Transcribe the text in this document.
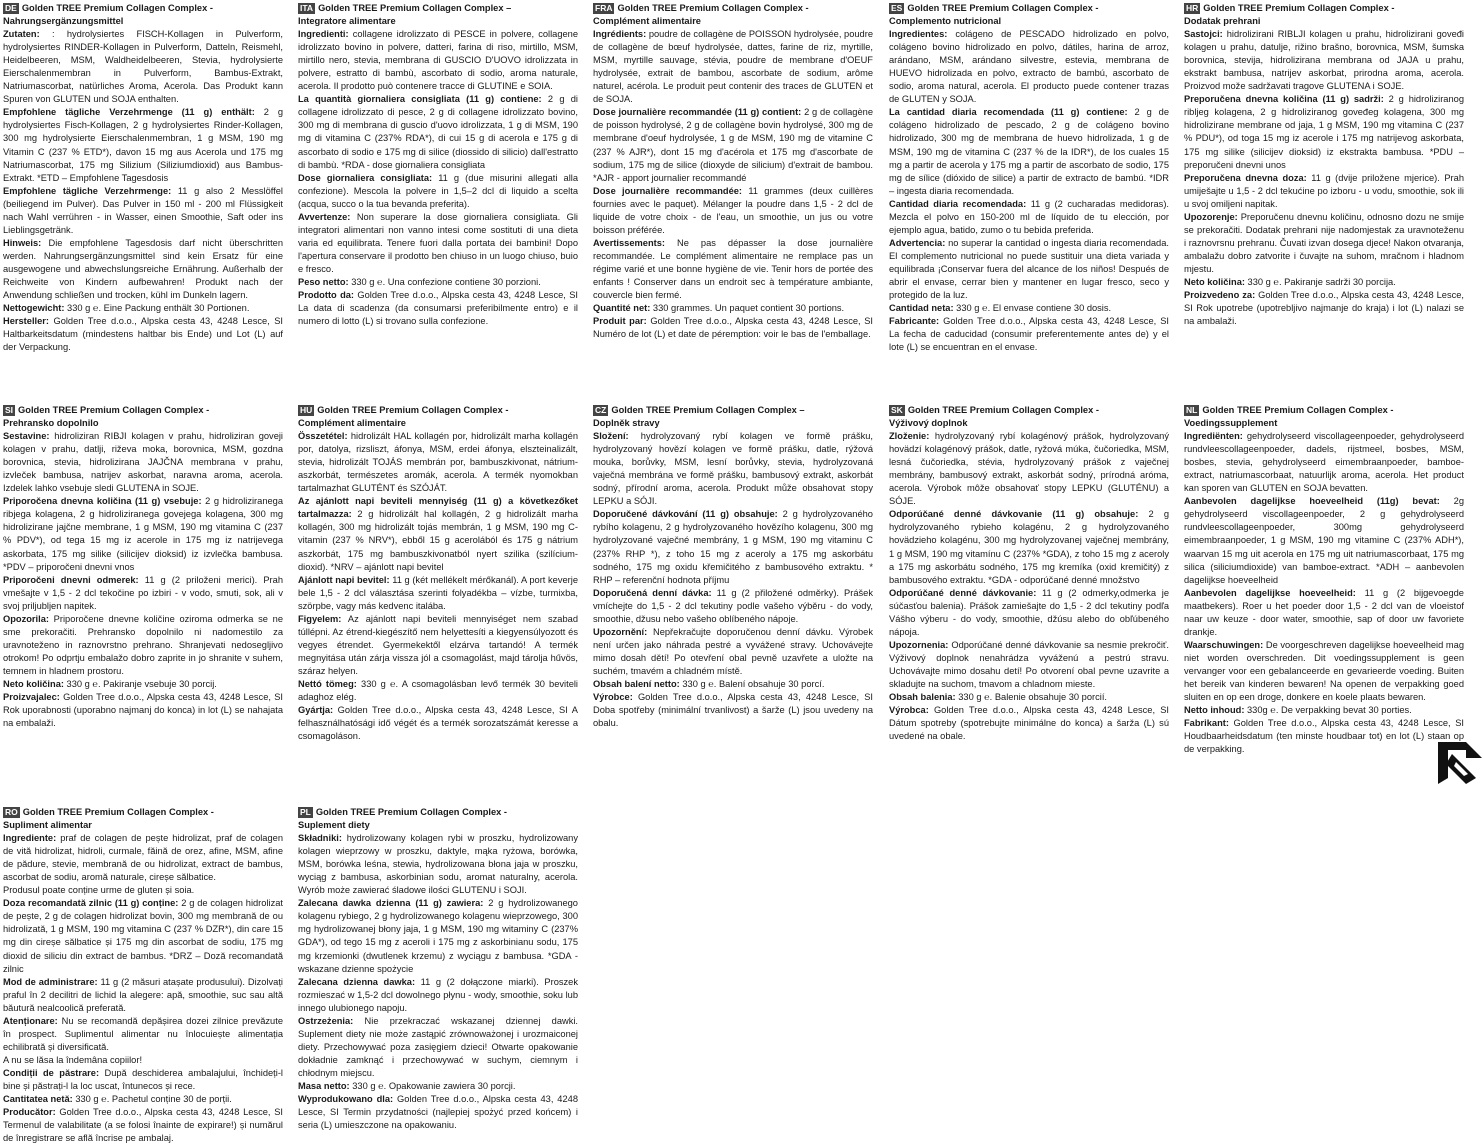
DE Golden TREE Premium Collagen Complex -

Nahrungsergänzungsmittel

Zutaten: : hydrolysiertes FISCH-Kollagen in Pulverform, hydrolysiertes RINDER-Kollagen in Pulverform, Datteln, Reismehl, Heidelbeeren, MSM, Waldheidelbeeren, Stevia, hydrolysierte Eierschalenmembran in Pulverform, Bambus-Extrakt, Natriumascorbat, natürliches Aroma, Acerola. Das Produkt kann Spuren von GLUTEN und SOJA enthalten.

Empfohlene tägliche Verzehrmenge (11 g) enthält: 2 g hydrolysiertes Fisch-Kollagen, 2 g hydrolysiertes Rinder-Kollagen, 300 mg hydrolysierte Eierschalenmembran, 1 g MSM, 190 mg Vitamin C (237 % ETD*), davon 15 mg aus Acerola und 175 mg Natriumascorbat, 175 mg Silizium (Siliziumdioxid) aus Bambus-Extrakt. *ETD – Empfohlene Tagesdosis

Empfohlene tägliche Verzehrmenge: 11 g also 2 Messlöffel (beiliegend im Pulver). Das Pulver in 150 ml - 200 ml Flüssigkeit nach Wahl verrühren - in Wasser, einen Smoothie, Saft oder ins Lieblingsgetränk.

Hinweis: Die empfohlene Tagesdosis darf nicht überschritten werden. Nahrungsergänzungsmittel sind kein Ersatz für eine ausgewogene und abwechslungsreiche Ernährung. Außerhalb der Reichweite von Kindern aufbewahren! Produkt nach der Anwendung schließen und trocken, kühl im Dunkeln lagern.

Nettogewicht: 330 g ℮. Eine Packung enthält 30 Portionen.

Hersteller: Golden Tree d.o.o., Alpska cesta 43, 4248 Lesce, SI Haltbarkeitsdatum (mindestens haltbar bis Ende) und Lot (L) auf der Verpackung.

ITA Golden TREE Premium Collagen Complex –

Integratore alimentare

Ingredienti: collagene idrolizzato di PESCE in polvere, collagene idrolizzato bovino in polvere, datteri, farina di riso, mirtillo, MSM, mirtillo nero, stevia, membrana di GUSCIO D'UOVO idrolizzata in polvere, estratto di bambù, ascorbato di sodio, aroma naturale, acerola. Il prodotto può contenere tracce di GLUTINE e SOIA.

La quantità giornaliera consigliata (11 g) contiene: 2 g di collagene idrolizzato di pesce, 2 g di collagene idrolizzato bovino, 300 mg di membrana di guscio d'uovo idrolizzata, 1 g di MSM, 190 mg di vitamina C (237% RDA*), di cui 15 g di acerola e 175 g di ascorbato di sodio e 175 mg di silice (diossido di silicio) dall'estratto di bambù. *RDA - dose giornaliera consigliata

Dose giornaliera consigliata: 11 g (due misurini allegati alla confezione). Mescola la polvere in 1,5–2 dcl di liquido a scelta (acqua, succo o la tua bevanda preferita).

Avvertenze: Non superare la dose giornaliera consigliata. Gli integratori alimentari non vanno intesi come sostituti di una dieta varia ed equilibrata. Tenere fuori dalla portata dei bambini! Dopo l'apertura conservare il prodotto ben chiuso in un luogo chiuso, buio e fresco.

Peso netto: 330 g ℮. Una confezione contiene 30 porzioni.

Prodotto da: Golden Tree d.o.o., Alpska cesta 43, 4248 Lesce, SI La data di scadenza (da consumarsi preferibilmente entro) e il numero di lotto (L) si trovano sulla confezione.

FRA Golden TREE Premium Collagen Complex -

Complément alimentaire

Ingrédients: poudre de collagène de POISSON hydrolysée, poudre de collagène de bœuf hydrolysée, dattes, farine de riz, myrtille, MSM, myrtille sauvage, stévia, poudre de membrane d'OEUF hydrolysée, extrait de bambou, ascorbate de sodium, arôme naturel, acérola. Le produit peut contenir des traces de GLUTEN et de SOJA.

Dose journalière recommandée (11 g) contient: 2 g de collagène de poisson hydrolysé, 2 g de collagène bovin hydrolysé, 300 mg de membrane d'oeuf hydrolysée, 1 g de MSM, 190 mg de vitamine C (237 % AJR*), dont 15 mg d'acérola et 175 mg d'ascorbate de sodium, 175 mg de silice (dioxyde de silicium) d'extrait de bambou. *AJR - apport journalier recommandé

Dose journalière recommandée: 11 grammes (deux cuillères fournies avec le paquet). Mélanger la poudre dans 1,5 - 2 dcl de liquide de votre choix - de l'eau, un smoothie, un jus ou votre boisson préférée.

Avertissements: Ne pas dépasser la dose journalière recommandée. Le complément alimentaire ne remplace pas un régime varié et une bonne hygiène de vie. Tenir hors de portée des enfants ! Conserver dans un endroit sec à température ambiante, couvercle bien fermé.

Quantité net: 330 grammes. Un paquet contient 30 portions.

Produit par: Golden Tree d.o.o., Alpska cesta 43, 4248 Lesce, SI Numéro de lot (L) et date de péremption: voir le bas de l'emballage.

ES Golden TREE Premium Collagen Complex -

Complemento nutricional

Ingredientes: colágeno de PESCADO hidrolizado en polvo, colágeno bovino hidrolizado en polvo, dátiles, harina de arroz, arándano, MSM, arándano silvestre, estevia, membrana de HUEVO hidrolizada en polvo, extracto de bambú, ascorbato de sodio, aroma natural, acerola. El producto puede contener trazas de GLUTEN y SOJA.

La cantidad diaria recomendada (11 g) contiene: 2 g de colágeno hidrolizado de pescado, 2 g de colágeno bovino hidrolizado, 300 mg de membrana de huevo hidrolizada, 1 g de MSM, 190 mg de vitamina C (237 % de la IDR*), de los cuales 15 mg a partir de acerola y 175 mg a partir de ascorbato de sodio, 175 mg de sílice (dióxido de silice) a partir de extracto de bambú. *IDR – ingesta diaria recomendada.

Cantidad diaria recomendada: 11 g (2 cucharadas medidoras). Mezcla el polvo en 150-200 ml de líquido de tu elección, por ejemplo agua, batido, zumo o tu bebida preferida.

Advertencia: no superar la cantidad o ingesta diaria recomendada. El complemento nutricional no puede sustituir una dieta variada y equilibrada ¡Conservar fuera del alcance de los niños! Después de abrir el envase, cerrar bien y mantener en lugar fresco, seco y protegido de la luz.

Cantidad neta: 330 g ℮. El envase contiene 30 dosis.

Fabricante: Golden Tree d.o.o., Alpska cesta 43, 4248 Lesce, SI La fecha de caducidad (consumir preferentemente antes de) y el lote (L) se encuentran en el envase.

HR Golden TREE Premium Collagen Complex -

Dodatak prehrani

Sastojci: hidrolizirani RIBLJI kolagen u prahu, hidrolizirani goveđi kolagen u prahu, datulje, rižino brašno, borovnica, MSM, šumska borovnica, stevija, hidrolizirana membrana od JAJA u prahu, ekstrakt bambusa, natrijev askorbat, prirodna aroma, acerola. Proizvod može sadržavati tragove GLUTENA i SOJE.

Preporučena dnevna količina (11 g) sadrži: 2 g hidroliziranog ribljeg kolagena, 2 g hidroliziranog goveđeg kolagena, 300 mg hidrolizirane membrane od jaja, 1 g MSM, 190 mg vitamina C (237 % PDU*), od toga 15 mg iz acerole i 175 mg natrijevog askorbata, 175 mg silike (silicijev dioksid) iz ekstrakta bambusa. *PDU – preporučeni dnevni unos

Preporučena dnevna doza: 11 g (dvije priložene mjerice). Prah umiješajte u 1,5 - 2 dcl tekućine po izboru - u vodu, smoothie, sok ili u svoj omiljeni napitak.

Upozorenje: Preporučenu dnevnu količinu, odnosno dozu ne smije se prekoračiti. Dodatak prehrani nije nadomjestak za uravnoteženu i raznovrsnu prehranu. Čuvati izvan dosega djece! Nakon otvaranja, ambalažu dobro zatvorite i čuvajte na suhom, mračnom i hladnom mjestu.

Neto količina: 330 g ℮. Pakiranje sadrži 30 porcija.

Proizvedeno za: Golden Tree d.o.o., Alpska cesta 43, 4248 Lesce, SI Rok upotrebe (upotrebljivo najmanje do kraja) i lot (L) nalazi se na ambalaži.

SI Golden TREE Premium Collagen Complex -

Prehransko dopolnilo

Sestavine: hidroliziran RIBJI kolagen v prahu, hidroliziran goveji kolagen v prahu, datlji, riževa moka, borovnica, MSM, gozdna borovnica, stevia, hidrolizirana JAJČNA membrana v prahu, izvleček bambusa, natrijev askorbat, naravna aroma, acerola. Izdelek lahko vsebuje sledi GLUTENA in SOJE.

Priporočena dnevna količina (11 g) vsebuje: 2 g hidroliziranega ribjega kolagena, 2 g hidroliziranega govejega kolagena, 300 mg hidrolizirane jajčne membrane, 1 g MSM, 190 mg vitamina C (237 % PDV*), od tega 15 mg iz acerole in 175 mg iz natrijevega askorbata, 175 mg silike (silicijev dioksid) iz izvlečka bambusa. *PDV – priporočeni dnevni vnos

Priporočeni dnevni odmerek: 11 g (2 priloženi merici). Prah vmešajte v 1,5 - 2 dcl tekočine po izbiri - v vodo, smuti, sok, ali v svoj priljubljen napitek.

Opozorila: Priporočene dnevne količine oziroma odmerka se ne sme prekoračiti. Prehransko dopolnilo ni nadomestilo za uravnoteženo in raznovrstno prehrano. Shranjevati nedosegljivo otrokom! Po odprtju embalažo dobro zaprite in jo shranite v suhem, temnem in hladnem prostoru.

Neto količina: 330 g ℮. Pakiranje vsebuje 30 porcij.

Proizvajalec: Golden Tree d.o.o., Alpska cesta 43, 4248 Lesce, SI Rok uporabnosti (uporabno najmanj do konca) in lot (L) se nahajata na embalaži.

HU Golden TREE Premium Collagen Complex -

Complément alimentaire

Összetétel: hidrolizált HAL kollagén por, hidrolizált marha kollagén por, datolya, rizsliszt, áfonya, MSM, erdei áfonya, elszteinalizált, stevia, hidrolizált TOJÁS membrán por, bambuszkivonat, nátrium-aszkorbát, természetes aromák, acerola. A termék nyomokban tartalmazhat GLUTÉNT és SZÓJÁT.

Az ajánlott napi beviteli mennyiség (11 g) a következőket tartalmazza: 2 g hidrolizált hal kollagén, 2 g hidrolizált marha kollagén, 300 mg hidrolizált tojás membrán, 1 g MSM, 190 mg C-vitamin (237 % NRV*), ebből 15 g acerolából és 175 g nátrium aszkorbát, 175 mg bambuszkivonatból nyert szilika (szilícium-dioxid). *NRV – ajánlott napi bevitel

Ajánlott napi bevitel: 11 g (két mellékelt mérőkanál). A port keverje bele 1,5 - 2 dcl választása szerinti folyadékba – vízbe, turmixba, szörpbe, vagy más kedvenc italába.

Figyelem: Az ajánlott napi beviteli mennyiséget nem szabad túllépni. Az étrend-kiegészítő nem helyettesíti a kiegyensúlyozott és vegyes étrendet. Gyermekektől elzárva tartandó! A termék megnyitása után zárja vissza jól a csomagolást, majd tárolja hűvös, száraz helyen.

Nettó tömeg: 330 g ℮. A csomagolásban levő termék 30 beviteli adaghoz elég.

Gyártja: Golden Tree d.o.o., Alpska cesta 43, 4248 Lesce, SI A felhasználhatósági idő végét és a termék sorozatszámát keresse a csomagoláson.

CZ Golden TREE Premium Collagen Complex –

Doplněk stravy

Složení: hydrolyzovaný rybí kolagen ve formě prášku, hydrolyzovaný hovězí kolagen ve formě prášku, datle, rýžová mouka, borůvky, MSM, lesní borůvky, stevia, hydrolyzovaná vaječná membrána ve formě prášku, bambusový extrakt, askorbát sodný, přírodní aroma, acerola. Produkt může obsahovat stopy LEPKU a SÓJI.

Doporučené dávkování (11 g) obsahuje: 2 g hydrolyzovaného rybího kolagenu, 2 g hydrolyzovaného hovězího kolagenu, 300 mg hydrolyzované vaječné membrány, 1 g MSM, 190 mg vitaminu C (237% RHP *), z toho 15 mg z aceroly a 175 mg askorbátu sodného, 175 mg oxidu křemičitého z bambusového extraktu. * RHP – referenční hodnota příjmu

Doporučená denní dávka: 11 g (2 přiložené odměrky). Prášek vmíchejte do 1,5 - 2 dcl tekutiny podle vašeho výběru - do vody, smoothie, džusu nebo vašeho oblíbeného nápoje.

Upozornění: Nepřekračujte doporučenou denní dávku. Výrobek není určen jako náhrada pestré a vyvážené stravy. Uchovávejte mimo dosah dětí! Po otevření obal pevně uzavřete a uložte na suchém, tmavém a chladném místě.

Obsah balení netto: 330 g ℮. Balení obsahuje 30 porcí.

Výrobce: Golden Tree d.o.o., Alpska cesta 43, 4248 Lesce, SI Doba spotřeby (minimální trvanlivost) a šarže (L) jsou uvedeny na obalu.

SK Golden TREE Premium Collagen Complex -

Výživový doplnok

Zloženie: hydrolyzovaný rybí kolagénový prášok, hydrolyzovaný hovädzí kolagénový prášok, datle, ryžová múka, čučoriedka, MSM, lesná čučoriedka, stévia, hydrolyzovaný prášok z vaječnej membrány, bambusový extrakt, askorbát sodný, prírodná aróma, acerola. Výrobok môže obsahovať stopy LEPKU (GLUTÉNU) a SÓJE.

Odporúčané denné dávkovanie (11 g) obsahuje: 2 g hydrolyzovaného rybieho kolagénu, 2 g hydrolyzovaného hovädzieho kolagénu, 300 mg hydrolyzovanej vaječnej membrány, 1 g MSM, 190 mg vitamínu C (237% *GDA), z toho 15 mg z aceroly a 175 mg askorbátu sodného, 175 mg kremíka (oxid kremičitý) z bambusového extraktu. *GDA - odporúčané denné množstvo

Odporúčané denné dávkovanie: 11 g (2 odmerky,odmerka je súčasťou balenia). Prášok zamiešajte do 1,5 - 2 dcl tekutiny podľa Vášho výberu - do vody, smoothie, džúsu alebo do obľúbeného nápoja.

Upozornenia: Odporúčané denné dávkovanie sa nesmie prekročiť. Výživový doplnok nenahrádza vyváženú a pestrú stravu. Uchovávajte mimo dosahu detí! Po otvorení obal pevne uzavrite a skladujte na suchom, tmavom a chladnom mieste.

Obsah balenia: 330 g ℮. Balenie obsahuje 30 porcií.

Výrobca: Golden Tree d.o.o., Alpska cesta 43, 4248 Lesce, SI Dátum spotreby (spotrebujte minimálne do konca) a šarža (L) sú uvedené na obale.

NL Golden TREE Premium Collagen Complex -

Voedingssupplement

Ingrediënten: gehydrolyseerd viscollageenpoeder, gehydrolyseerd rundvleescollageenpoeder, dadels, rijstmeel, bosbes, MSM, bosbes, stevia, gehydrolyseerd eimembraanpoeder, bamboe-extract, natriumascorbaat, natuurlijk aroma, acerola. Het product kan sporen van GLUTEN en SOJA bevatten.

Aanbevolen dagelijkse hoeveelheid (11g) bevat: 2g gehydrolyseerd viscollageenpoeder, 2 g gehydrolyseerd rundvleescollageenpoeder, 300mg gehydrolyseerd eimembraanpoeder, 1 g MSM, 190 mg vitamine C (237% ADH*), waarvan 15 mg uit acerola en 175 mg uit natriumascorbaat, 175 mg silica (siliciumdioxide) van bamboe-extract. *ADH – aanbevolen dagelijkse hoeveelheid

Aanbevolen dagelijkse hoeveelheid: 11 g (2 bijgevoegde maatbekers). Roer u het poeder door 1,5 - 2 dcl van de vloeistof naar uw keuze - door water, smoothie, sap of door uw favoriete drankje.

Waarschuwingen: De voorgeschreven dagelijkse hoeveelheid mag niet worden overschreden. Dit voedingssupplement is geen vervanger voor een gebalanceerde en gevarieerde voeding. Buiten het bereik van kinderen bewaren! Na openen de verpakking goed sluiten en op een droge, donkere en koele plaats bewaren.

Netto inhoud: 330g ℮. De verpakking bevat 30 porties.

Fabrikant: Golden Tree d.o.o., Alpska cesta 43, 4248 Lesce, SI Houdbaarheidsdatum (ten minste houdbaar tot) en lot (L) staan op de verpakking.

RO Golden TREE Premium Collagen Complex -

Supliment alimentar

Ingrediente: praf de colagen de pește hidrolizat, praf de colagen de vită hidrolizat, hidroli, curmale, făină de orez, afine, MSM, afine de pădure, stevie, membrană de ou hidrolizat, extract de bambus, ascorbat de sodiu, aromă naturale, cireșe sălbatice.

Produsul poate conține urme de gluten și soia.

Doza recomandată zilnic (11 g) conține: 2 g de colagen hidrolizat de pește, 2 g de colagen hidrolizat bovin, 300 mg membrană de ou hidrolizată, 1 g MSM, 190 mg vitamina C (237 % DZR*), din care 15 mg din cireșe sălbatice și 175 mg din ascorbat de sodiu, 175 mg dioxid de siliciu din extract de bambus. *DRZ – Doză recomandată zilnic

Mod de administrare: 11 g (2 măsuri atașate produsului). Dizolvați praful în 2 decilitri de lichid la alegere: apă, smoothie, suc sau altă băutură nealcoolică preferată.

Atenționare: Nu se recomandă depășirea dozei zilnice prevăzute în prospect. Suplimentul alimentar nu înlocuiește alimentația echilibrată și diversificată.

A nu se lăsa la îndemâna copiilor!

Condiții de păstrare: După deschiderea ambalajului, închideți-l bine și păstrați-l la loc uscat, întunecos și rece.

Cantitatea netă: 330 g ℮. Pachetul conține 30 de porții.

Producător: Golden Tree d.o.o., Alpska cesta 43, 4248 Lesce, SI Termenul de valabilitate (a se folosi înainte de expirare!) și numărul de înregistrare se află încrise pe ambalaj.

PL Golden TREE Premium Collagen Complex -

Suplement diety

Składniki: hydrolizowany kolagen rybi w proszku, hydrolizowany kolagen wieprzowy w proszku, daktyle, mąka ryżowa, borówka, MSM, borówka leśna, stewia, hydrolizowana błona jaja w proszku, wyciąg z bambusa, askorbinian sodu, aromat naturalny, acerola. Wyrób może zawierać śladowe ilości GLUTENU i SOJI.

Zalecana dawka dzienna (11 g) zawiera: 2 g hydrolizowanego kolagenu rybiego, 2 g hydrolizowanego kolagenu wieprzowego, 300 mg hydrolizowanej błony jaja, 1 g MSM, 190 mg witaminy C (237% GDA*), od tego 15 mg z aceroli i 175 mg z askorbinianu sodu, 175 mg krzemionki (dwutlenek krzemu) z wyciągu z bambusa. *GDA - wskazane dzienne spożycie

Zalecana dzienna dawka: 11 g (2 dołączone miarki). Proszek rozmieszać w 1,5-2 dcl dowolnego płynu - wody, smoothie, soku lub innego ulubionego napoju.

Ostrzeżenia: Nie przekraczać wskazanej dziennej dawki. Suplement diety nie może zastąpić zrównoważonej i urozmaiconej diety. Przechowywać poza zasięgiem dzieci! Otwarte opakowanie dokładnie zamknąć i przechowywać w suchym, ciemnym i chłodnym miejscu.

Masa netto: 330 g ℮. Opakowanie zawiera 30 porcji.

Wyprodukowano dla: Golden Tree d.o.o., Alpska cesta 43, 4248 Lesce, SI Termin przydatności (najlepiej spożyć przed końcem) i seria (L) umieszczone na opakowaniu.
